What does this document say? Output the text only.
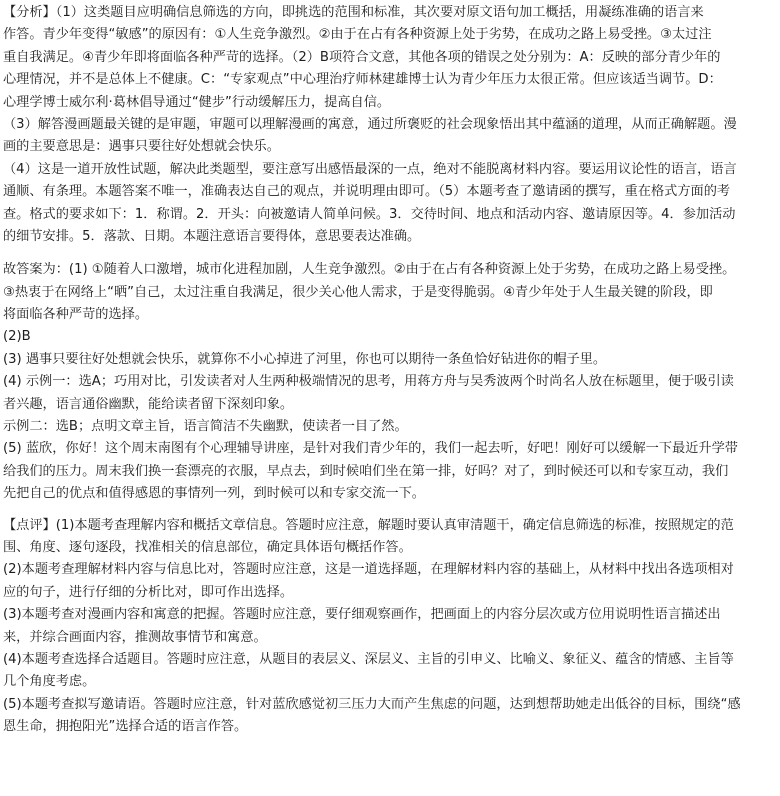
【分析】（1）这类题目应明确信息筛选的方向，即挑选的范围和标准，其次要对原文语句加工概括，用凝练准确的语言来
作答。青少年变得“敏感”的原因有：①人生竞争激烈。②由于在占有各种资源上处于劣势，在成功之路上易受挫。③太过注
重自我满足。④青少年即将面临各种严苛的选择。（2）B项符合文意，其他各项的错误之处分别为：A：反映的部分青少年的
心理情况，并不是总体上不健康。C：“专家观点”中心理治疗师林建雄博士认为青少年压力太很正常。但应该适当调节。D：
心理学博士威尔利·葛林倡导通过“健步”行动缓解压力，提高自信。
（3）解答漫画题最关键的是审题，审题可以理解漫画的寓意，通过所褒贬的社会现象悟出其中蕴涵的道理，从而正确解题。漫
画的主要意思是：遇事只要往好处想就会快乐。
（4）这是一道开放性试题，解决此类题型，要注意写出感悟最深的一点，绝对不能脱离材料内容。要运用议论性的语言，语言
通顺、有条理。本题答案不唯一，准确表达自己的观点，并说明理由即可。（5）本题考查了邀请函的撰写，重在格式方面的考
查。格式的要求如下：1．称谓。2．开头：向被邀请人简单问候。3．交待时间、地点和活动内容、邀请原因等。4．参加活动
的细节安排。5．落款、日期。本题注意语言要得体，意思要表达准确。
故答案为：(1) ①随着人口激增，城市化进程加剧，人生竞争激烈。②由于在占有各种资源上处于劣势，在成功之路上易受挫。
③热衷于在网络上“晒”自己，太过注重自我满足，很少关心他人需求，于是变得脆弱。④青少年处于人生最关键的阶段，即
将面临各种严苛的选择。
(2)B
(3) 遇事只要往好处想就会快乐，就算你不小心掉进了河里，你也可以期待一条鱼恰好钻进你的帽子里。
(4) 示例一：选A；巧用对比，引发读者对人生两种极端情况的思考，用蒋方舟与吴秀波两个时尚名人放在标题里，便于吸引读
者兴趣，语言通俗幽默，能给读者留下深刻印象。
示例二：选B；点明文章主旨，语言简洁不失幽默，使读者一目了然。
(5) 蓝欣，你好！这个周末南图有个心理辅导讲座，是针对我们青少年的，我们一起去听，好吧！刚好可以缓解一下最近升学带
给我们的压力。周末我们换一套漂亮的衣服，早点去，到时候咱们坐在第一排，好吗？对了，到时候还可以和专家互动，我们
先把自己的优点和值得感恩的事情列一列，到时候可以和专家交流一下。
【点评】(1)本题考查理解内容和概括文章信息。答题时应注意，解题时要认真审清题干，确定信息筛选的标准，按照规定的范
围、角度、逐句逐段，找准相关的信息部位，确定具体语句概括作答。
(2)本题考查理解材料内容与信息比对，答题时应注意，这是一道选择题，在理解材料内容的基础上，从材料中找出各选项相对
应的句子，进行仔细的分析比对，即可作出选择。
(3)本题考查对漫画内容和寓意的把握。答题时应注意，要仔细观察画作，把画面上的内容分层次或方位用说明性语言描述出
来，并综合画面内容，推测故事情节和寓意。
(4)本题考查选择合适题目。答题时应注意，从题目的表层义、深层义、主旨的引申义、比喻义、象征义、蕴含的情感、主旨等
几个角度考虑。
(5)本题考查拟写邀请语。答题时应注意，针对蓝欣感觉初三压力大而产生焦虑的问题，达到想帮助她走出低谷的目标，围绕“感
恩生命，拥抱阳光”选择合适的语言作答。
